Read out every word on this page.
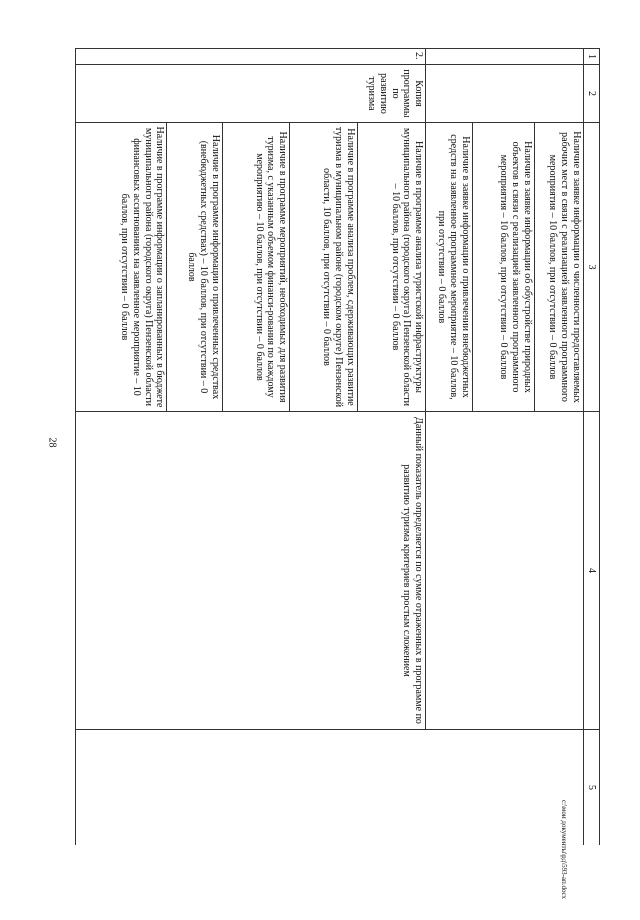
28
1	2	3	4	5
		Наличие в заявке информации о численности предоставляемых рабочих мест в связи с реализацией заявленного программного мероприятия – 10 баллов, при отсутствии – 0 баллов		
		Наличие в заявке информации об обустройстве природных объектов в связи с реализацией заявленного программного мероприятия – 10 баллов, при отсутствии – 0 баллов		
		Наличие в заявке информации о привлечении внебюджетных средств на заявленное программное мероприятие – 10 баллов, при отсутствии – 0 баллов		
2.	Копия программы по развитию туризма	Наличие в программе анализа туристской инфраструктуры муниципального района (городского округа) Пензенской области – 10 баллов, при отсутствии – 0 баллов	Данный показатель определяется по сумме отраженных в программе по развитию туризма критериев простым сложением	
		Наличие в программе анализа проблем, сдерживающих развитие туризма в муниципальном районе (городском округе) Пензенской области, 10 баллов, при отсутствии – 0 баллов		
		Наличие в программе мероприятий, необходимых для развития туризма, с указанным объемом финанси-рования по каждому мероприятию – 10 баллов, при отсутствии – 0 баллов		
		Наличие в программе информации о привлеченных средствах (внебюджетных средствах) – 10 баллов, при отсутствии – 0 баллов		
		Наличие в программе информации о запланированных в бюджете муниципального района (городского округа) Пензенской области финансовых ассигнованиях на заявленное мероприятие – 10 баллов, при отсутствии – 0 баллов		
c:\мои документы\рд\593-ап.docx
